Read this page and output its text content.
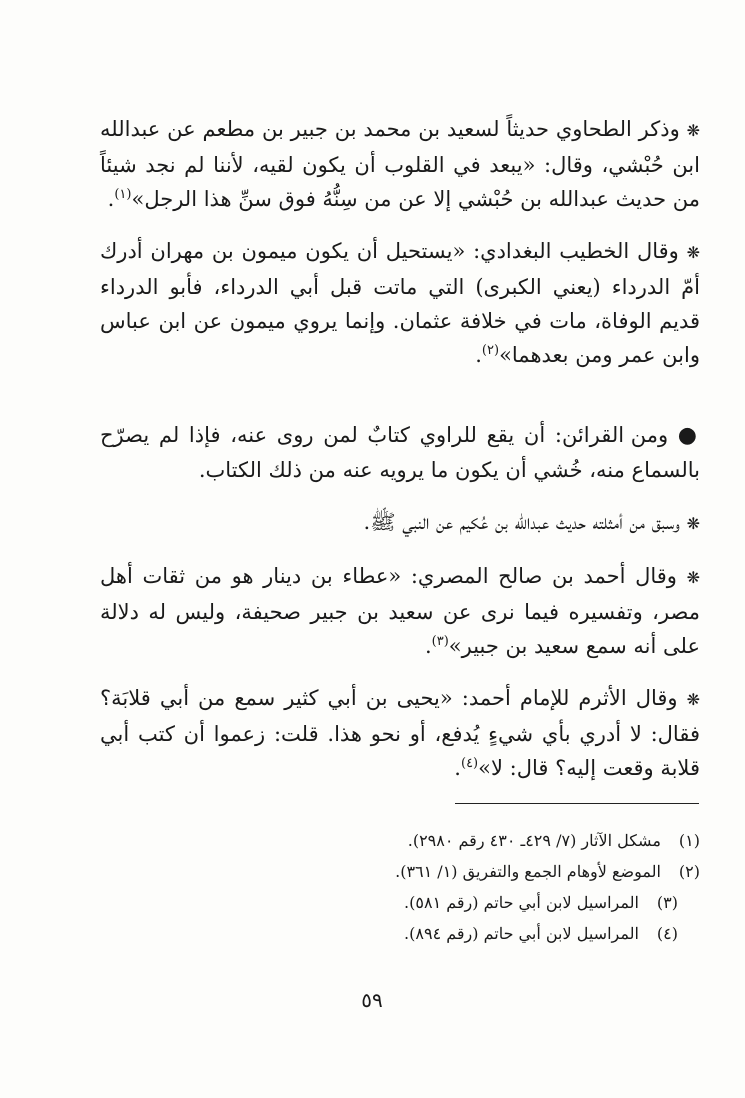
❋ وذكر الطحاوي حديثاً لسعيد بن محمد بن جبير بن مطعم عن عبدالله ابن حُبْشي، وقال: «يبعد في القلوب أن يكون لقيه، لأننا لم نجد شيئاً من حديث عبدالله بن حُبْشي إلا عن من سِنُّهُ فوق سنِّ هذا الرجل»$^{(١)}$.

❋ وقال الخطيب البغدادي: «يستحيل أن يكون ميمون بن مهران أدرك أمّ الدرداء (يعني الكبرى) التي ماتت قبل أبي الدرداء، فأبو الدرداء قديم الوفاة، مات في خلافة عثمان. وإنما يروي ميمون عن ابن عباس وابن عمر ومن بعدهما»$^{(٢)}$.

● ومن القرائن: أن يقع للراوي كتابٌ لمن روى عنه، فإذا لم يصرّح بالسماع منه، خُشي أن يكون ما يرويه عنه من ذلك الكتاب.

❋ وسبق من أمثلته حديث عبدالله بن عُكيم عن النبي ﷺ.

❋ وقال أحمد بن صالح المصري: «عطاء بن دينار هو من ثقات أهل مصر، وتفسيره فيما نرى عن سعيد بن جبير صحيفة، وليس له دلالة على أنه سمع سعيد بن جبير»$^{(٣)}$.

❋ وقال الأثرم للإمام أحمد: «يحيى بن أبي كثير سمع من أبي قلابَة؟ فقال: لا أدري بأي شيءٍ يُدفع، أو نحو هذا. قلت: زعموا أن كتب أبي قلابة وقعت إليه؟ قال: لا»$^{(٤)}$.

(١) مشكل الآثار (٧/ ٤٢٩ـ ٤٣٠ رقم ٢٩٨٠).
(٢) الموضع لأوهام الجمع والتفريق (١/ ٣٦١).
(٣) المراسيل لابن أبي حاتم (رقم ٥٨١).
(٤) المراسيل لابن أبي حاتم (رقم ٨٩٤).
٥٩
